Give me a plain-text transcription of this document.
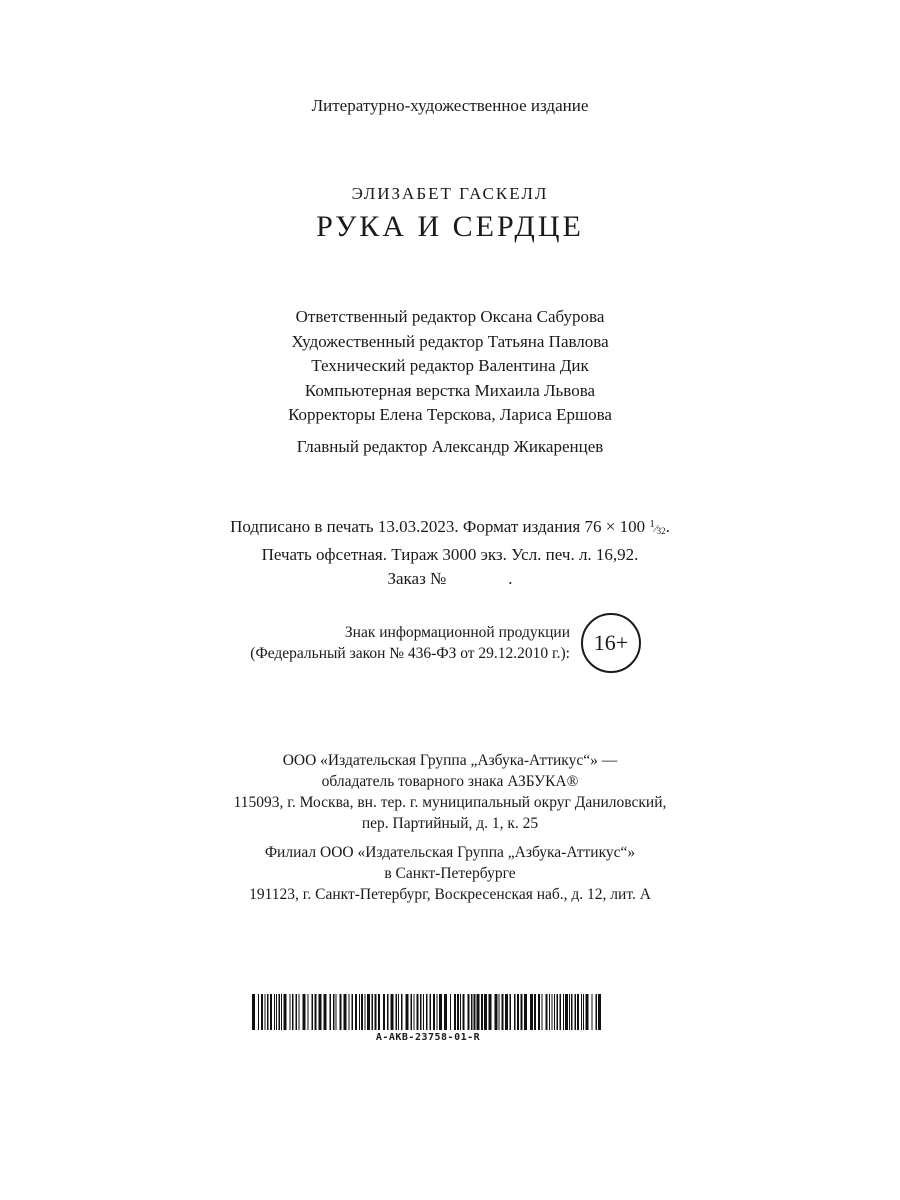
Литературно-художественное издание
ЭЛИЗАБЕТ ГАСКЕЛЛ
РУКА И СЕРДЦЕ
Ответственный редактор Оксана Сабурова
Художественный редактор Татьяна Павлова
Технический редактор Валентина Дик
Компьютерная верстка Михаила Львова
Корректоры Елена Терскова, Лариса Ершова
Главный редактор Александр Жикаренцев
Подписано в печать 13.03.2023. Формат издания 76 × 100 $^1⁄_{32}$.
Печать офсетная. Тираж 3000 экз. Усл. печ. л. 16,92.
Заказ №	.
Знак информационной продукции
(Федеральный закон № 436-ФЗ от 29.12.2010 г.):	16+
ООО «Издательская Группа „Азбука-Аттикус“» —
обладатель товарного знака АЗБУКА®
115093, г. Москва, вн. тер. г. муниципальный округ Даниловский,
пер. Партийный, д. 1, к. 25
Филиал ООО «Издательская Группа „Азбука-Аттикус“»
в Санкт-Петербурге
191123, г. Санкт-Петербург, Воскресенская наб., д. 12, лит. А
A-AKB-23758-01-R
